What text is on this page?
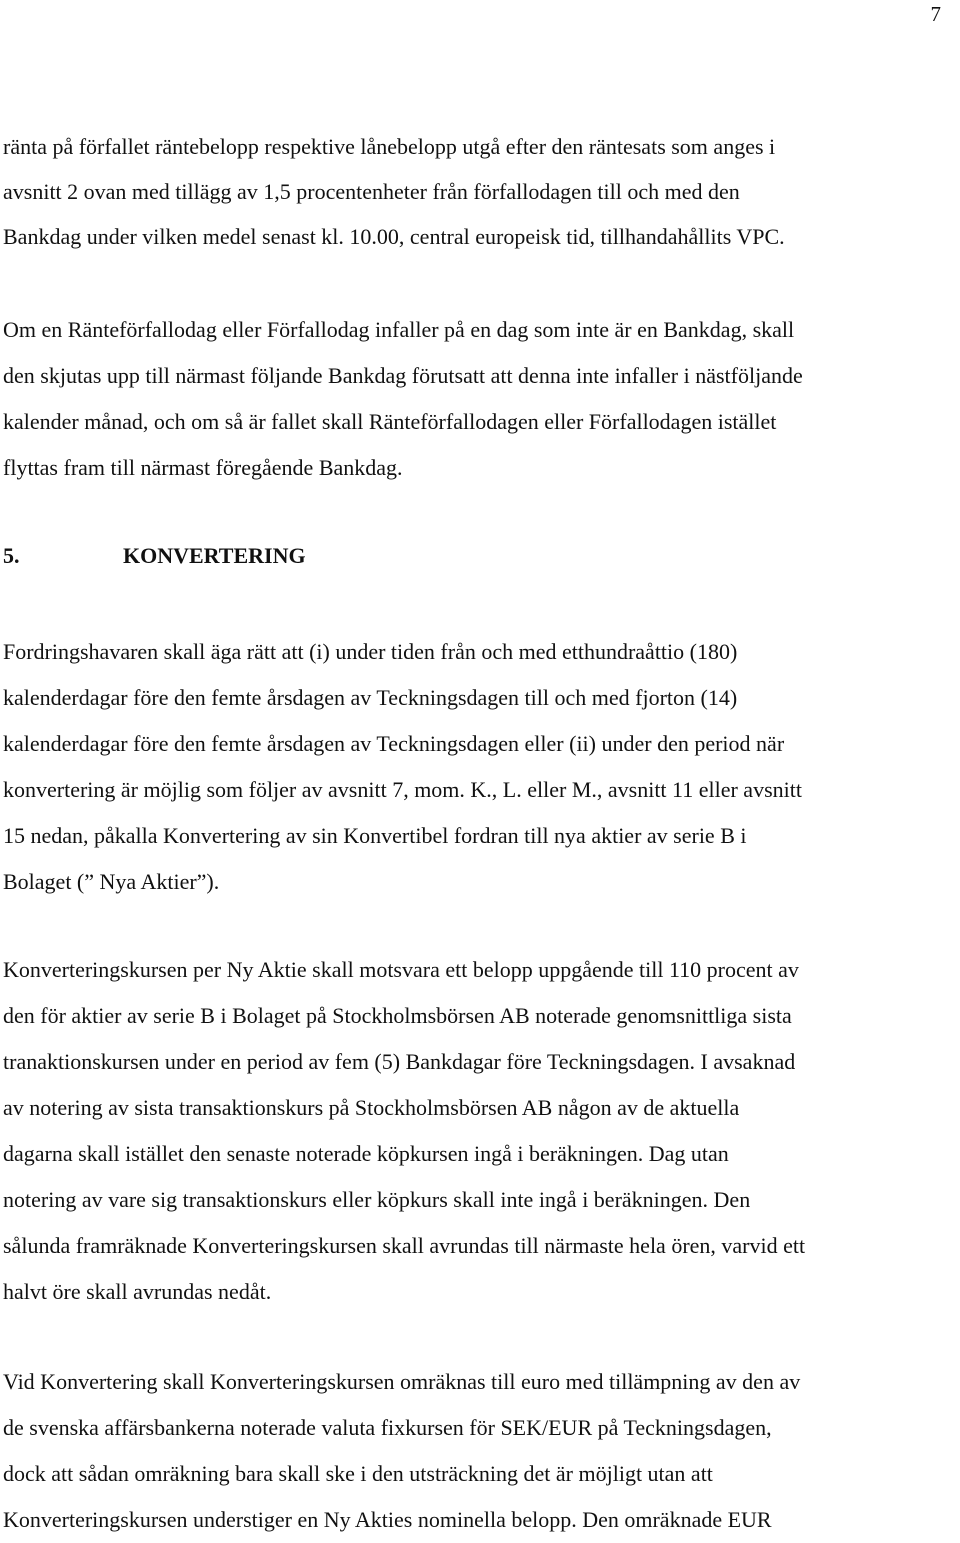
7

ränta på förfallet räntebelopp respektive lånebelopp utgå efter den räntesats som anges i
avsnitt 2 ovan med tillägg av 1,5 procentenheter från förfallodagen till och med den
Bankdag under vilken medel senast kl. 10.00, central europeisk tid, tillhandahållits VPC.

Om en Ränteförfallodag eller Förfallodag infaller på en dag som inte är en Bankdag, skall
den skjutas upp till närmast följande Bankdag förutsatt att denna inte infaller i nästföljande
kalender månad, och om så är fallet skall Ränteförfallodagen eller Förfallodagen istället
flyttas fram till närmast föregående Bankdag.

5.	KONVERTERING

Fordringshavaren skall äga rätt att (i) under tiden från och med etthundraåttio (180)
kalenderdagar före den femte årsdagen av Teckningsdagen till och med fjorton (14)
kalenderdagar före den femte årsdagen av Teckningsdagen eller (ii) under den period när
konvertering är möjlig som följer av avsnitt 7, mom. K., L. eller M., avsnitt 11 eller avsnitt
15 nedan, påkalla Konvertering av sin Konvertibel fordran till nya aktier av serie B i
Bolaget (” Nya Aktier”).

Konverteringskursen per Ny Aktie skall motsvara ett belopp uppgående till 110 procent av
den för aktier av serie B i Bolaget på Stockholmsbörsen AB noterade genomsnittliga sista
tranaktionskursen under en period av fem (5) Bankdagar före Teckningsdagen. I avsaknad
av notering av sista transaktionskurs på Stockholmsbörsen AB någon av de aktuella
dagarna skall istället den senaste noterade köpkursen ingå i beräkningen. Dag utan
notering av vare sig transaktionskurs eller köpkurs skall inte ingå i beräkningen. Den
sålunda framräknade Konverteringskursen skall avrundas till närmaste hela ören, varvid ett
halvt öre skall avrundas nedåt.

Vid Konvertering skall Konverteringskursen omräknas till euro med tillämpning av den av
de svenska affärsbankerna noterade valuta fixkursen för SEK/EUR på Teckningsdagen,
dock att sådan omräkning bara skall ske i den utsträckning det är möjligt utan att
Konverteringskursen understiger en Ny Akties nominella belopp. Den omräknade EUR
